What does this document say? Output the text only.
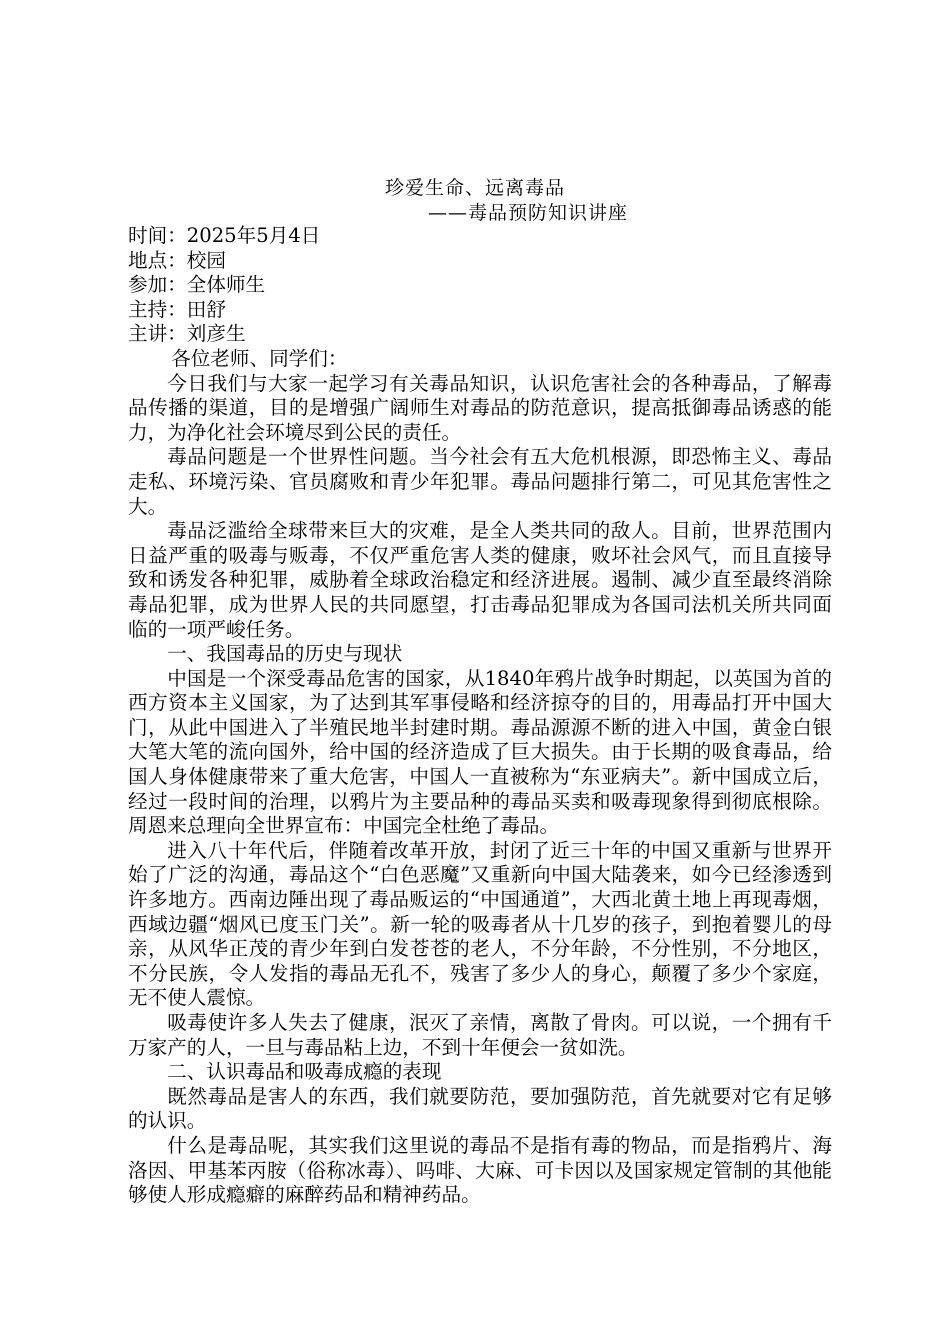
珍爱生命、远离毒品
——毒品预防知识讲座

时间：2025年5月4日

地点：校园

参加：全体师生

主持：田舒

主讲：刘彦生

各位老师、同学们：

今日我们与大家一起学习有关毒品知识，认识危害社会的各种毒品，了解毒品传播的渠道，目的是增强广阔师生对毒品的防范意识，提高抵御毒品诱惑的能力，为净化社会环境尽到公民的责任。

毒品问题是一个世界性问题。当今社会有五大危机根源，即恐怖主义、毒品走私、环境污染、官员腐败和青少年犯罪。毒品问题排行第二，可见其危害性之大。

毒品泛滥给全球带来巨大的灾难，是全人类共同的敌人。目前，世界范围内日益严重的吸毒与贩毒，不仅严重危害人类的健康，败坏社会风气，而且直接导致和诱发各种犯罪，威胁着全球政治稳定和经济进展。遏制、减少直至最终消除毒品犯罪，成为世界人民的共同愿望，打击毒品犯罪成为各国司法机关所共同面临的一项严峻任务。

一、我国毒品的历史与现状

中国是一个深受毒品危害的国家，从1840年鸦片战争时期起，以英国为首的西方资本主义国家，为了达到其军事侵略和经济掠夺的目的，用毒品打开中国大门，从此中国进入了半殖民地半封建时期。毒品源源不断的进入中国，黄金白银大笔大笔的流向国外，给中国的经济造成了巨大损失。由于长期的吸食毒品，给国人身体健康带来了重大危害，中国人一直被称为“东亚病夫”。新中国成立后，经过一段时间的治理，以鸦片为主要品种的毒品买卖和吸毒现象得到彻底根除。周恩来总理向全世界宣布：中国完全杜绝了毒品。

进入八十年代后，伴随着改革开放，封闭了近三十年的中国又重新与世界开始了广泛的沟通，毒品这个“白色恶魔”又重新向中国大陆袭来，如今已经渗透到许多地方。西南边陲出现了毒品贩运的“中国通道”，大西北黄土地上再现毒烟，西域边疆“烟风已度玉门关”。新一轮的吸毒者从十几岁的孩子，到抱着婴儿的母亲，从风华正茂的青少年到白发苍苍的老人，不分年龄，不分性别，不分地区，不分民族，令人发指的毒品无孔不，残害了多少人的身心，颠覆了多少个家庭，无不使人震惊。

吸毒使许多人失去了健康，泯灭了亲情，离散了骨肉。可以说，一个拥有千万家产的人，一旦与毒品粘上边，不到十年便会一贫如洗。

二、认识毒品和吸毒成瘾的表现

既然毒品是害人的东西，我们就要防范，要加强防范，首先就要对它有足够的认识。

什么是毒品呢，其实我们这里说的毒品不是指有毒的物品，而是指鸦片、海洛因、甲基苯丙胺（俗称冰毒）、吗啡、大麻、可卡因以及国家规定管制的其他能够使人形成瘾癖的麻醉药品和精神药品。
